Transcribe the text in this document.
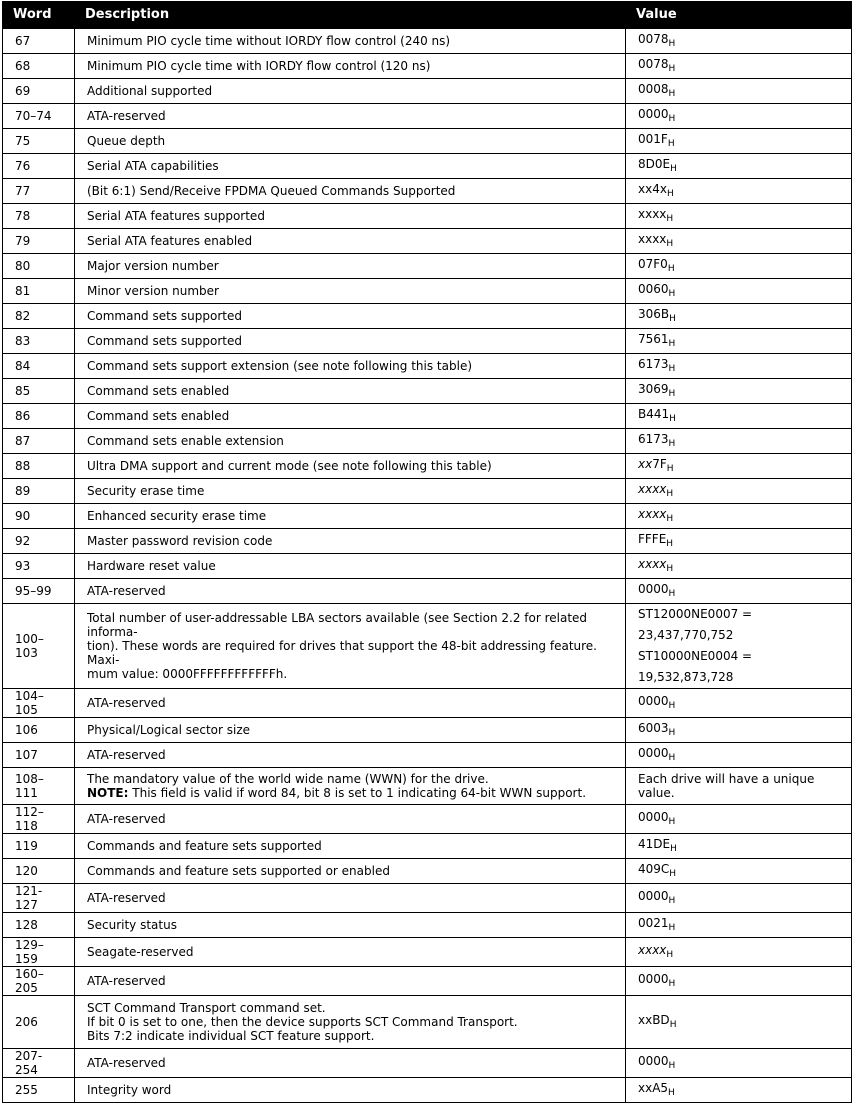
Word	Description	Value
67	Minimum PIO cycle time without IORDY flow control (240 ns)	$0078_H$
68	Minimum PIO cycle time with IORDY flow control (120 ns)	$0078_H$
69	Additional supported	$0008_H$
70–74	ATA-reserved	$0000_H$
75	Queue depth	$001F_H$
76	Serial ATA capabilities	$8D0E_H$
77	(Bit 6:1) Send/Receive FPDMA Queued Commands Supported	$xx4x_H$
78	Serial ATA features supported	xxxx$_H$
79	Serial ATA features enabled	xxxx$_H$
80	Major version number	$07F0_H$
81	Minor version number	$0060_H$
82	Command sets supported	$306B_H$
83	Command sets supported	$7561_H$
84	Command sets support extension (see note following this table)	$6173_H$
85	Command sets enabled	$3069_H$
86	Command sets enabled	$B441_H$
87	Command sets enable extension	$6173_H$
88	Ultra DMA support and current mode (see note following this table)	$xx7F_H$
89	Security erase time	xxxx$_H$
90	Enhanced security erase time	xxxx$_H$
92	Master password revision code	$FFFE_H$
93	Hardware reset value	xxxx$_H$
95–99	ATA-reserved	$0000_H$
100–103	Total number of user-addressable LBA sectors available (see Section 2.2 for related informa-
tion). These words are required for drives that support the 48-bit addressing feature. Maxi-
mum value: 0000FFFFFFFFFFFFh.	ST12000NE0007 = 23,437,770,752
ST10000NE0004 = 19,532,873,728

104–105	ATA-reserved	$0000_H$
106	Physical/Logical sector size	$6003_H$
107	ATA-reserved	$0000_H$
108–111	The mandatory value of the world wide name (WWN) for the drive.
NOTE: This field is valid if word 84, bit 8 is set to 1 indicating 64-bit WWN support.	Each drive will have a unique value.
112–118	ATA-reserved	$0000_H$
119	Commands and feature sets supported	$41DE_H$
120	Commands and feature sets supported or enabled	$409C_H$
121-127	ATA-reserved	$0000_H$
128	Security status	$0021_H$
129–159	Seagate-reserved	xxxx$_H$
160–205	ATA-reserved	$0000_H$
206	SCT Command Transport command set.
If bit 0 is set to one, then the device supports SCT Command Transport.
Bits 7:2 indicate individual SCT feature support.	xxBD$_H$
207-254	ATA-reserved	$0000_H$
255	Integrity word	$xxA5_H$
